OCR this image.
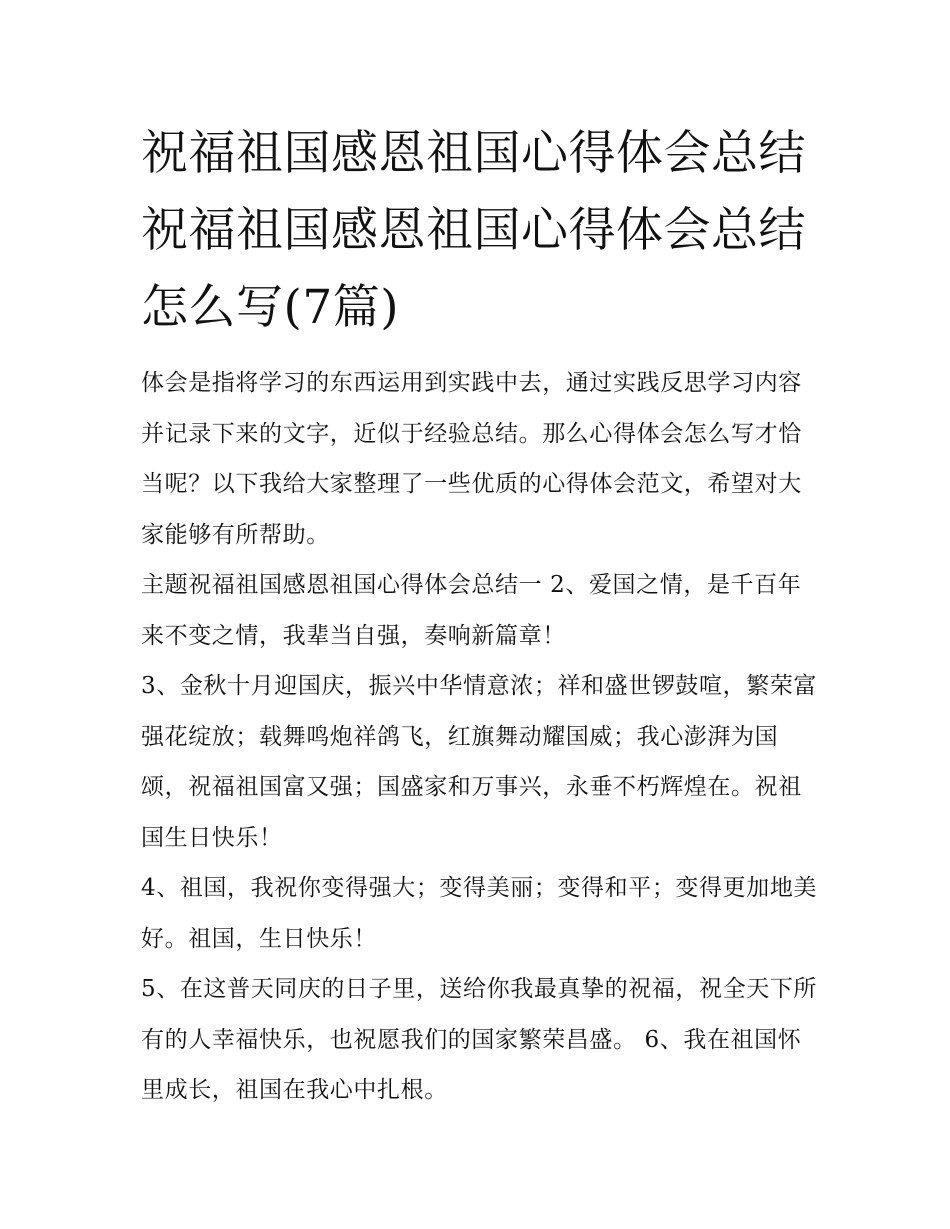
祝福祖国感恩祖国心得体会总结 祝福祖国感恩祖国心得体会总结怎么写(7篇)

体会是指将学习的东西运用到实践中去，通过实践反思学习内容并记录下来的文字，近似于经验总结。那么心得体会怎么写才恰当呢？以下我给大家整理了一些优质的心得体会范文，希望对大家能够有所帮助。

主题祝福祖国感恩祖国心得体会总结一 2、爱国之情，是千百年来不变之情，我辈当自强，奏响新篇章！

3、金秋十月迎国庆，振兴中华情意浓；祥和盛世锣鼓喧，繁荣富强花绽放；载舞鸣炮祥鸽飞，红旗舞动耀国威；我心澎湃为国颂，祝福祖国富又强；国盛家和万事兴，永垂不朽辉煌在。祝祖国生日快乐！

4、祖国，我祝你变得强大；变得美丽；变得和平；变得更加地美好。祖国，生日快乐！

5、在这普天同庆的日子里，送给你我最真挚的祝福，祝全天下所有的人幸福快乐，也祝愿我们的国家繁荣昌盛。 6、我在祖国怀里成长，祖国在我心中扎根。
